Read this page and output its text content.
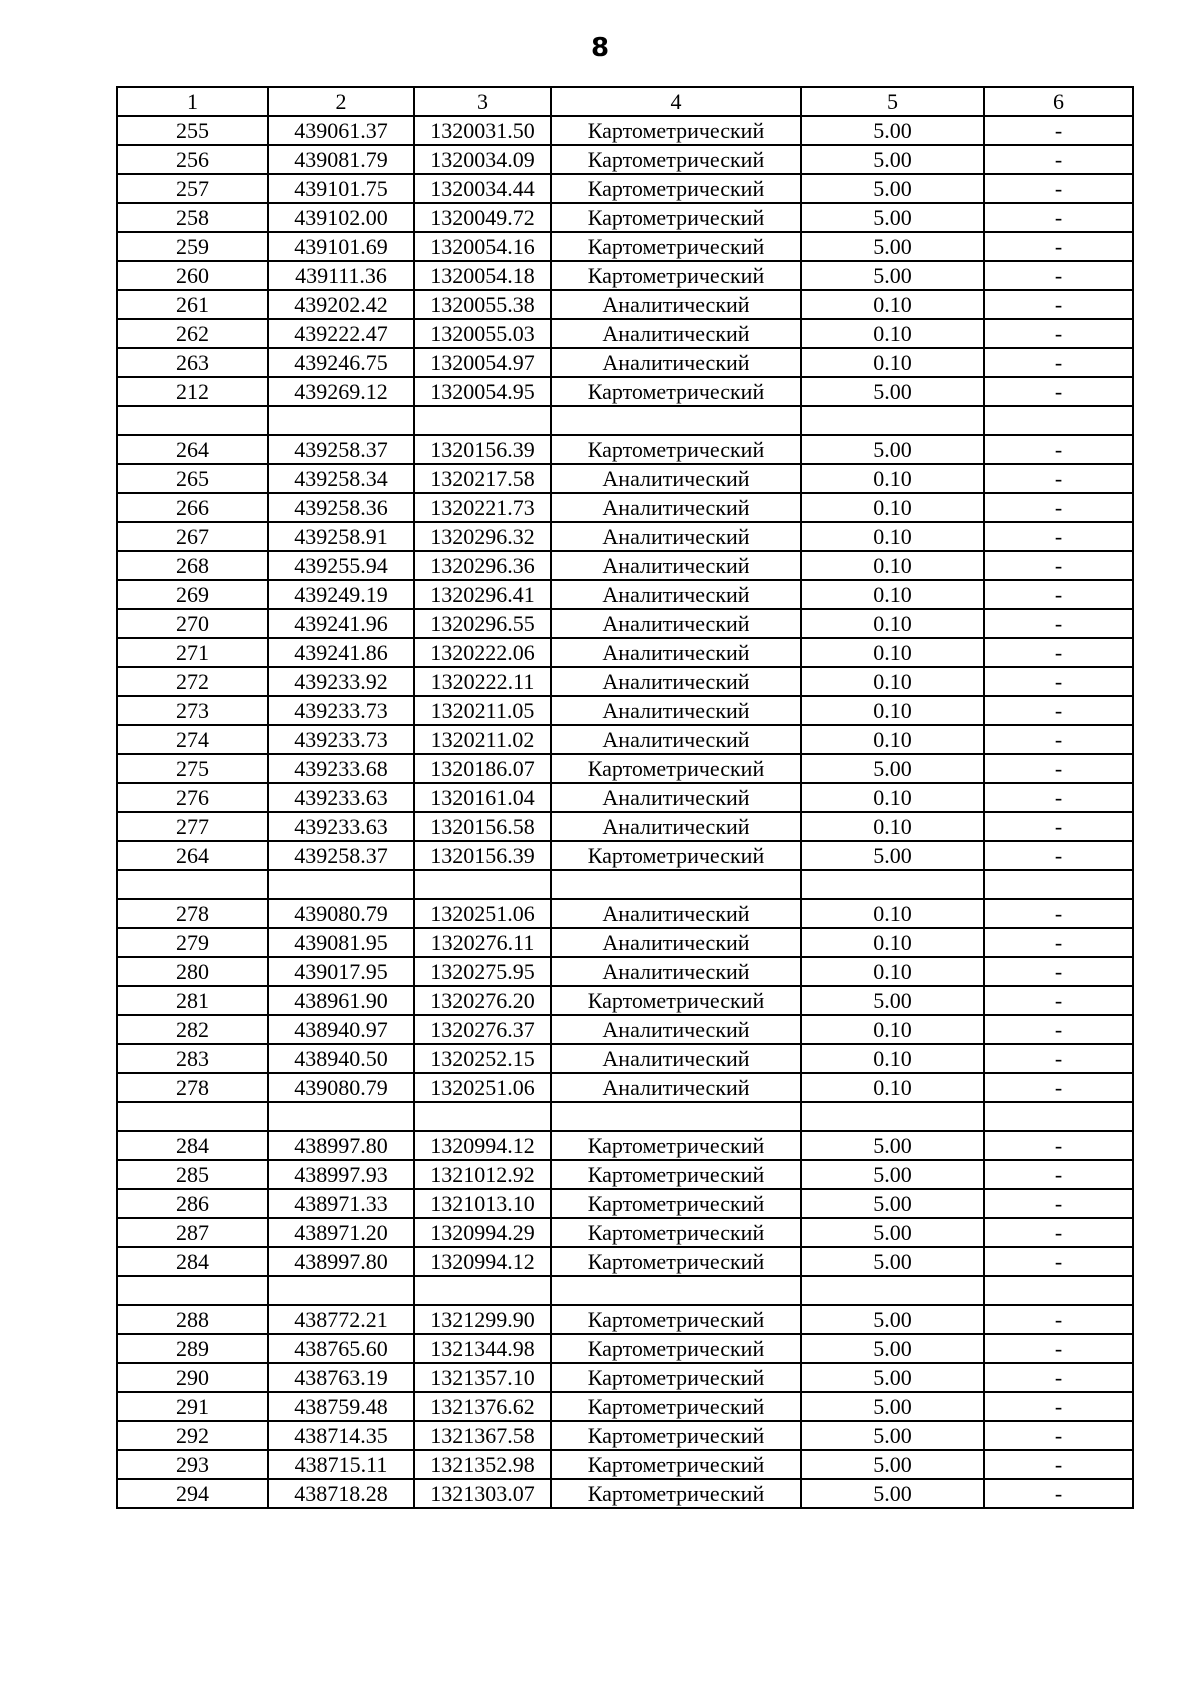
8
1	2	3	4	5	6
255	439061.37	1320031.50	Картометрический	5.00	-
256	439081.79	1320034.09	Картометрический	5.00	-
257	439101.75	1320034.44	Картометрический	5.00	-
258	439102.00	1320049.72	Картометрический	5.00	-
259	439101.69	1320054.16	Картометрический	5.00	-
260	439111.36	1320054.18	Картометрический	5.00	-
261	439202.42	1320055.38	Аналитический	0.10	-
262	439222.47	1320055.03	Аналитический	0.10	-
263	439246.75	1320054.97	Аналитический	0.10	-
212	439269.12	1320054.95	Картометрический	5.00	-

264	439258.37	1320156.39	Картометрический	5.00	-
265	439258.34	1320217.58	Аналитический	0.10	-
266	439258.36	1320221.73	Аналитический	0.10	-
267	439258.91	1320296.32	Аналитический	0.10	-
268	439255.94	1320296.36	Аналитический	0.10	-
269	439249.19	1320296.41	Аналитический	0.10	-
270	439241.96	1320296.55	Аналитический	0.10	-
271	439241.86	1320222.06	Аналитический	0.10	-
272	439233.92	1320222.11	Аналитический	0.10	-
273	439233.73	1320211.05	Аналитический	0.10	-
274	439233.73	1320211.02	Аналитический	0.10	-
275	439233.68	1320186.07	Картометрический	5.00	-
276	439233.63	1320161.04	Аналитический	0.10	-
277	439233.63	1320156.58	Аналитический	0.10	-
264	439258.37	1320156.39	Картометрический	5.00	-

278	439080.79	1320251.06	Аналитический	0.10	-
279	439081.95	1320276.11	Аналитический	0.10	-
280	439017.95	1320275.95	Аналитический	0.10	-
281	438961.90	1320276.20	Картометрический	5.00	-
282	438940.97	1320276.37	Аналитический	0.10	-
283	438940.50	1320252.15	Аналитический	0.10	-
278	439080.79	1320251.06	Аналитический	0.10	-

284	438997.80	1320994.12	Картометрический	5.00	-
285	438997.93	1321012.92	Картометрический	5.00	-
286	438971.33	1321013.10	Картометрический	5.00	-
287	438971.20	1320994.29	Картометрический	5.00	-
284	438997.80	1320994.12	Картометрический	5.00	-

288	438772.21	1321299.90	Картометрический	5.00	-
289	438765.60	1321344.98	Картометрический	5.00	-
290	438763.19	1321357.10	Картометрический	5.00	-
291	438759.48	1321376.62	Картометрический	5.00	-
292	438714.35	1321367.58	Картометрический	5.00	-
293	438715.11	1321352.98	Картометрический	5.00	-
294	438718.28	1321303.07	Картометрический	5.00	-
